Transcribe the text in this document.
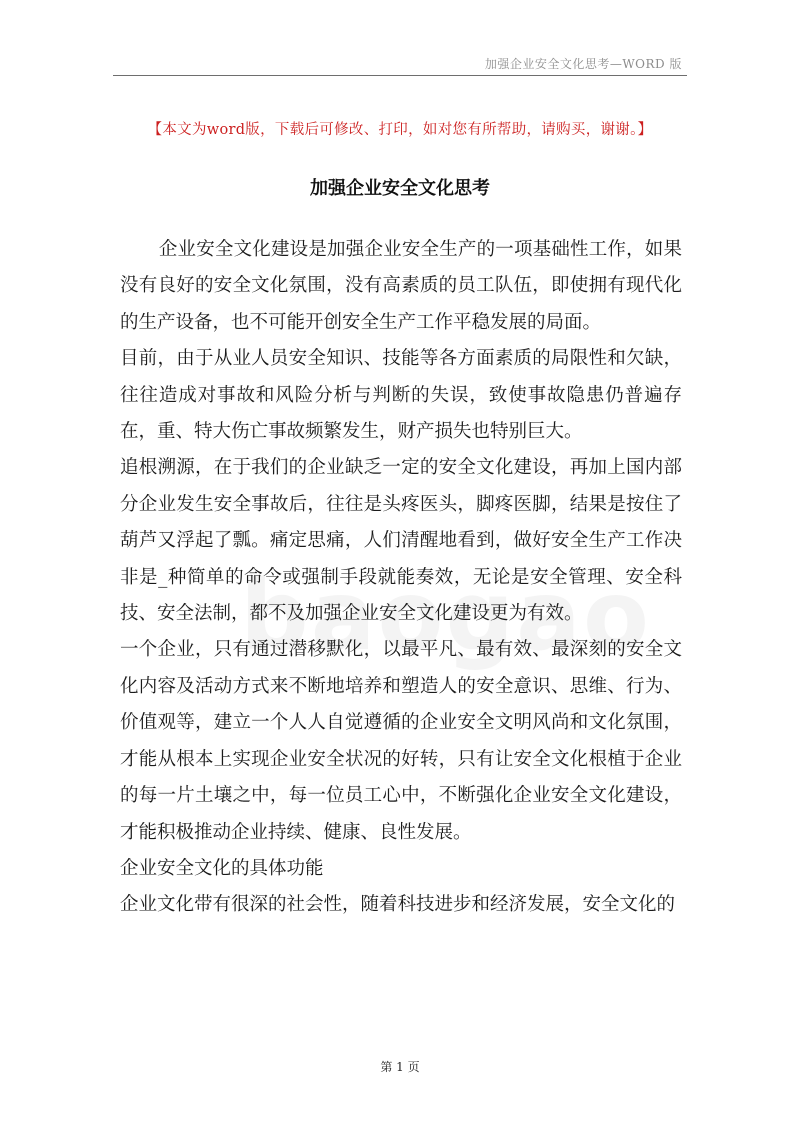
加强企业安全文化思考—WORD 版
【本文为word版，下载后可修改、打印，如对您有所帮助，请购买，谢谢。】
加强企业安全文化思考

企业安全文化建设是加强企业安全生产的一项基础性工作，如果没有良好的安全文化氛围，没有高素质的员工队伍，即使拥有现代化的生产设备，也不可能开创安全生产工作平稳发展的局面。

目前，由于从业人员安全知识、技能等各方面素质的局限性和欠缺，往往造成对事故和风险分析与判断的失误，致使事故隐患仍普遍存在，重、特大伤亡事故频繁发生，财产损失也特别巨大。

追根溯源，在于我们的企业缺乏一定的安全文化建设，再加上国内部分企业发生安全事故后，往往是头疼医头，脚疼医脚，结果是按住了葫芦又浮起了瓢。痛定思痛，人们清醒地看到，做好安全生产工作决非是_种简单的命令或强制手段就能奏效，无论是安全管理、安全科技、安全法制，都不及加强企业安全文化建设更为有效。

一个企业，只有通过潜移默化，以最平凡、最有效、最深刻的安全文化内容及活动方式来不断地培养和塑造人的安全意识、思维、行为、价值观等，建立一个人人自觉遵循的企业安全文明风尚和文化氛围，才能从根本上实现企业安全状况的好转，只有让安全文化根植于企业的每一片土壤之中，每一位员工心中，不断强化企业安全文化建设，才能积极推动企业持续、健康、良性发展。

企业安全文化的具体功能

企业文化带有很深的社会性，随着科技进步和经济发展，安全文化的

第 1 页
